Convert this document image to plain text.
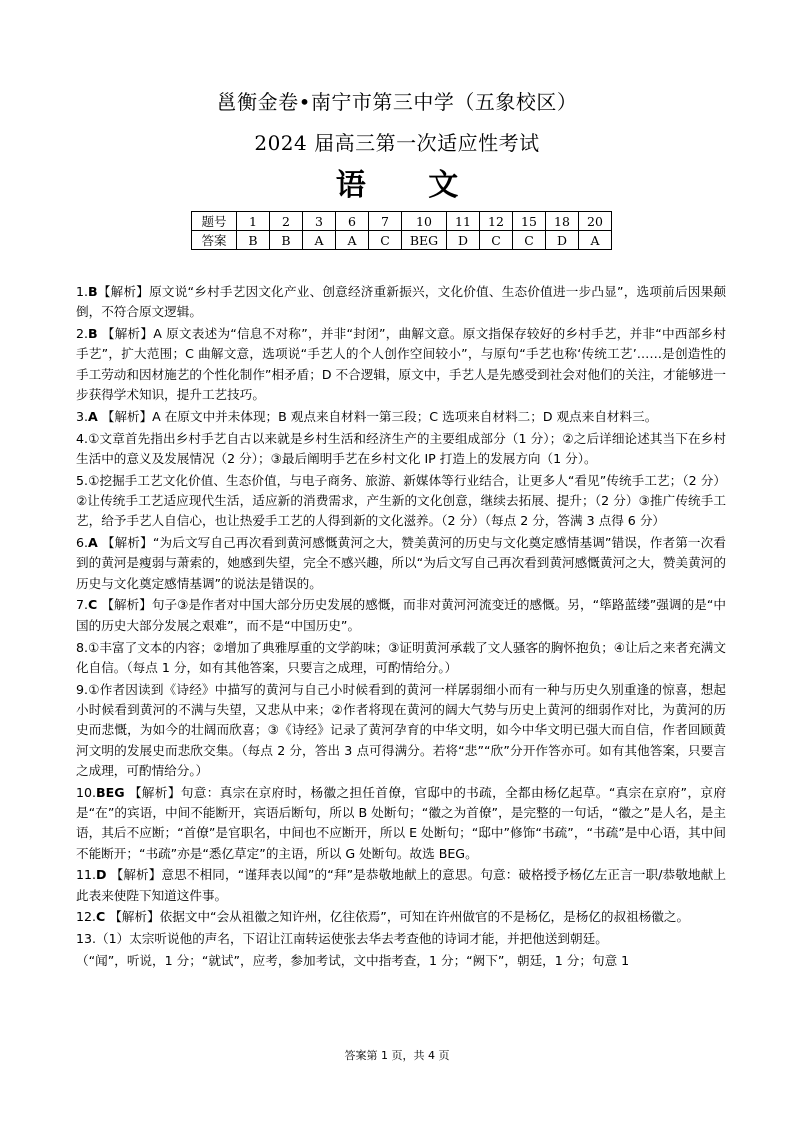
邕衡金卷•南宁市第三中学（五象校区）
2024 届高三第一次适应性考试
语 文
题号	1	2	3	6	7	10	11	12	15	18	20
答案	B	B	A	A	C	BEG	D	C	C	D	A

1.B【解析】原文说“乡村手艺因文化产业、创意经济重新振兴，文化价值、生态价值进一步凸显”，选项前后因果颠倒，不符合原文逻辑。

2.B 【解析】A 原文表述为“信息不对称”，并非“封闭”，曲解文意。原文指保存较好的乡村手艺，并非“中西部乡村手艺”，扩大范围；C 曲解文意，选项说“手艺人的个人创作空间较小”，与原句“手艺也称‘传统工艺’……是创造性的手工劳动和因材施艺的个性化制作”相矛盾；D 不合逻辑，原文中，手艺人是先感受到社会对他们的关注，才能够进一步获得学术知识，提升工艺技巧。

3.A 【解析】A 在原文中并未体现；B 观点来自材料一第三段；C 选项来自材料二；D 观点来自材料三。

4.①文章首先指出乡村手艺自古以来就是乡村生活和经济生产的主要组成部分（1 分）；②之后详细论述其当下在乡村生活中的意义及发展情况（2 分）；③最后阐明手艺在乡村文化 IP 打造上的发展方向（1 分）。

5.①挖掘手工艺文化价值、生态价值，与电子商务、旅游、新媒体等行业结合，让更多人“看见”传统手工艺；（2 分）②让传统手工艺适应现代生活，适应新的消费需求，产生新的文化创意，继续去拓展、提升；（2 分）③推广传统手工艺，给予手艺人自信心，也让热爱手工艺的人得到新的文化滋养。（2 分）（每点 2 分，答满 3 点得 6 分）

6.A 【解析】“为后文写自己再次看到黄河感慨黄河之大，赞美黄河的历史与文化奠定感情基调”错误，作者第一次看到的黄河是瘦弱与萧索的，她感到失望，完全不感兴趣，所以“为后文写自己再次看到黄河感慨黄河之大，赞美黄河的历史与文化奠定感情基调”的说法是错误的。

7.C 【解析】句子③是作者对中国大部分历史发展的感慨，而非对黄河河流变迁的感慨。另，“筚路蓝缕”强调的是“中国的历史大部分发展之艰难”，而不是“中国历史”。

8.①丰富了文本的内容；②增加了典雅厚重的文学韵味；③证明黄河承载了文人骚客的胸怀抱负；④让后之来者充满文化自信。（每点 1 分，如有其他答案，只要言之成理，可酌情给分。）

9.①作者因读到《诗经》中描写的黄河与自己小时候看到的黄河一样孱弱细小而有一种与历史久别重逢的惊喜，想起小时候看到黄河的不满与失望，又悲从中来；②作者将现在黄河的阔大气势与历史上黄河的细弱作对比，为黄河的历史而悲慨，为如今的壮阔而欣喜；③《诗经》记录了黄河孕育的中华文明，如今中华文明已强大而自信，作者回顾黄河文明的发展史而悲欣交集。（每点 2 分，答出 3 点可得满分。若将“悲”“欣”分开作答亦可。如有其他答案，只要言之成理，可酌情给分。）

10.BEG 【解析】句意：真宗在京府时，杨徽之担任首僚，官邸中的书疏，全都由杨亿起草。“真宗在京府”，京府是“在”的宾语，中间不能断开，宾语后断句，所以 B 处断句；“徽之为首僚”，是完整的一句话，“徽之”是人名，是主语，其后不应断；“首僚”是官职名，中间也不应断开，所以 E 处断句；“邸中”修饰“书疏”，“书疏”是中心语，其中间不能断开；“书疏”亦是“悉亿草定”的主语，所以 G 处断句。故选 BEG。

11.D 【解析】意思不相同，“谨拜表以闻”的“拜”是恭敬地献上的意思。句意：破格授予杨亿左正言一职/恭敬地献上此表来使陛下知道这件事。

12.C 【解析】依据文中“会从祖徽之知许州，亿往依焉”，可知在许州做官的不是杨亿，是杨亿的叔祖杨徽之。

13.（1）太宗听说他的声名，下诏让江南转运使张去华去考查他的诗词才能，并把他送到朝廷。

（“闻”，听说，1 分；“就试”，应考，参加考试，文中指考查，1 分；“阙下”，朝廷，1 分；句意 1

答案第 1 页，共 4 页
